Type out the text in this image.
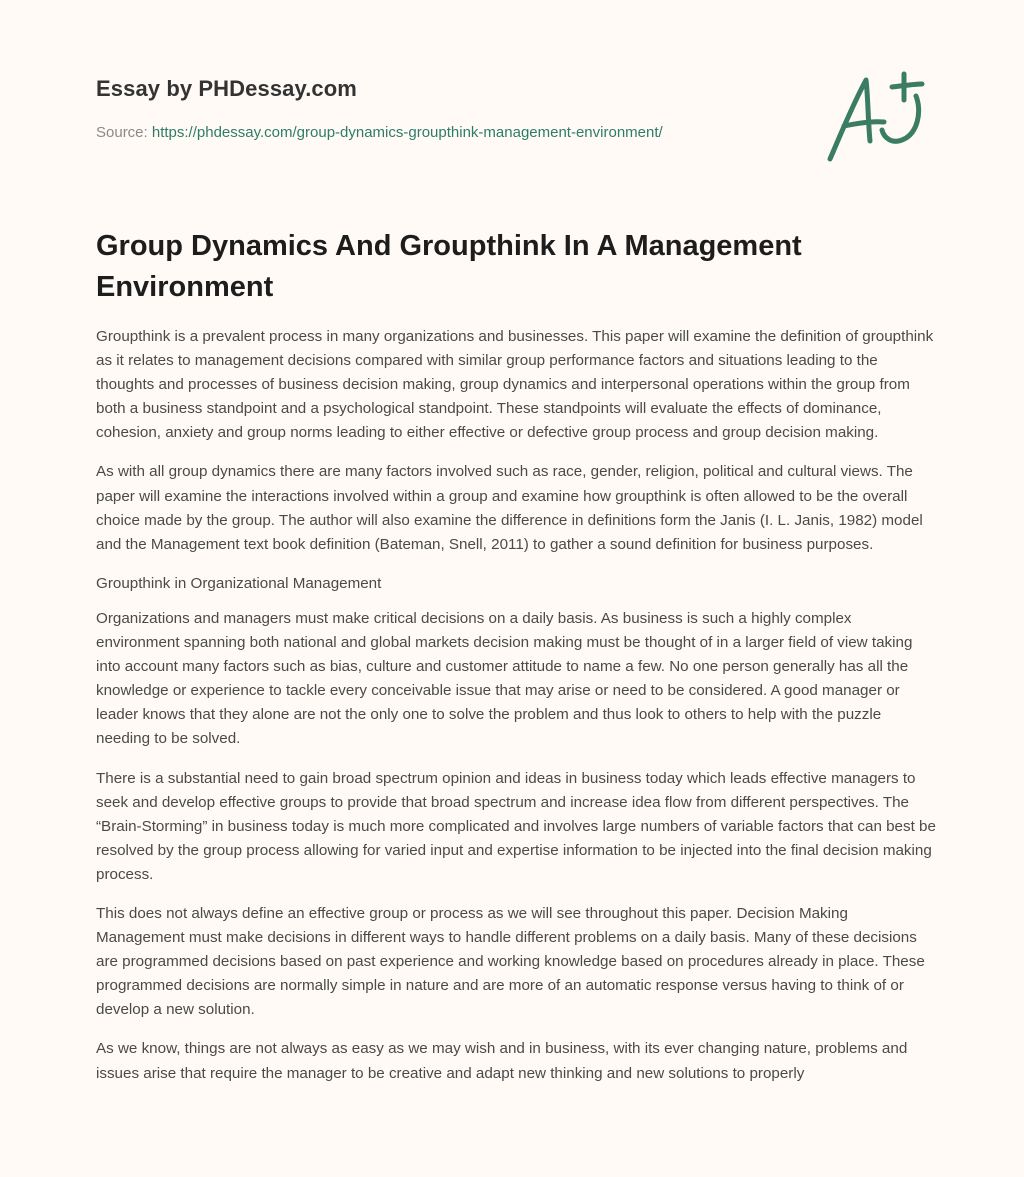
Essay by PHDessay.com
Source: https://phdessay.com/group-dynamics-groupthink-management-environment/
Group Dynamics And Groupthink In A Management Environment

Groupthink is a prevalent process in many organizations and businesses. This paper will examine the definition of groupthink as it relates to management decisions compared with similar group performance factors and situations leading to the thoughts and processes of business decision making, group dynamics and interpersonal operations within the group from both a business standpoint and a psychological standpoint. These standpoints will evaluate the effects of dominance, cohesion, anxiety and group norms leading to either effective or defective group process and group decision making.

As with all group dynamics there are many factors involved such as race, gender, religion, political and cultural views. The paper will examine the interactions involved within a group and examine how groupthink is often allowed to be the overall choice made by the group. The author will also examine the difference in definitions form the Janis (I. L. Janis, 1982) model and the Management text book definition (Bateman, Snell, 2011) to gather a sound definition for business purposes.

Groupthink in Organizational Management

Organizations and managers must make critical decisions on a daily basis. As business is such a highly complex environment spanning both national and global markets decision making must be thought of in a larger field of view taking into account many factors such as bias, culture and customer attitude to name a few. No one person generally has all the knowledge or experience to tackle every conceivable issue that may arise or need to be considered. A good manager or leader knows that they alone are not the only one to solve the problem and thus look to others to help with the puzzle needing to be solved.

There is a substantial need to gain broad spectrum opinion and ideas in business today which leads effective managers to seek and develop effective groups to provide that broad spectrum and increase idea flow from different perspectives. The “Brain-Storming” in business today is much more complicated and involves large numbers of variable factors that can best be resolved by the group process allowing for varied input and expertise information to be injected into the final decision making process.

This does not always define an effective group or process as we will see throughout this paper. Decision Making Management must make decisions in different ways to handle different problems on a daily basis. Many of these decisions are programmed decisions based on past experience and working knowledge based on procedures already in place. These programmed decisions are normally simple in nature and are more of an automatic response versus having to think of or develop a new solution.

As we know, things are not always as easy as we may wish and in business, with its ever changing nature, problems and issues arise that require the manager to be creative and adapt new thinking and new solutions to properly
